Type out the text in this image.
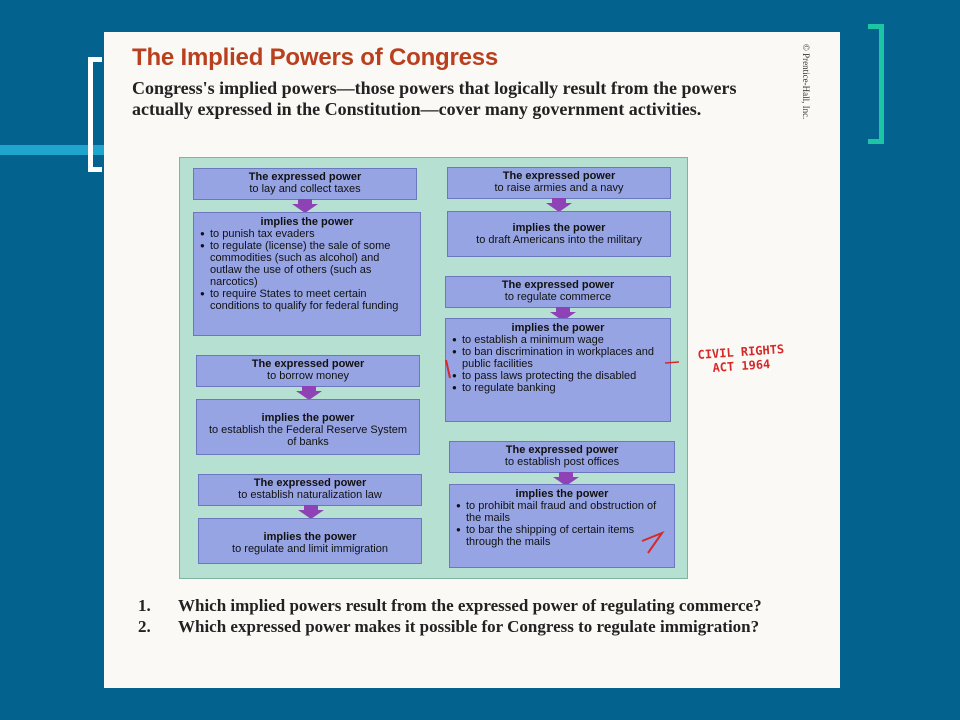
The Implied Powers of Congress	© Prentice-Hall, Inc.

Congress's implied powers—those powers that logically result from the powers actually expressed in the Constitution—cover many government activities.

The expressed power
to lay and collect taxes
implies the power
● to punish tax evaders
● to regulate (license) the sale of some commodities (such as alcohol) and outlaw the use of others (such as narcotics)
● to require States to meet certain conditions to qualify for federal funding
The expressed power
to borrow money
implies the power
to establish the Federal Reserve System of banks
The expressed power
to establish naturalization law
implies the power
to regulate and limit immigration
The expressed power
to raise armies and a navy
implies the power
to draft Americans into the military
The expressed power
to regulate commerce
implies the power
● to establish a minimum wage
● to ban discrimination in workplaces and public facilities
● to pass laws protecting the disabled
● to regulate banking
The expressed power
to establish post offices
implies the power
● to prohibit mail fraud and obstruction of the mails
● to bar the shipping of certain items through the mails
CIVIL RIGHTS
ACT 1964
1. Which implied powers result from the expressed power of regulating commerce?
2. Which expressed power makes it possible for Congress to regulate immigration?
